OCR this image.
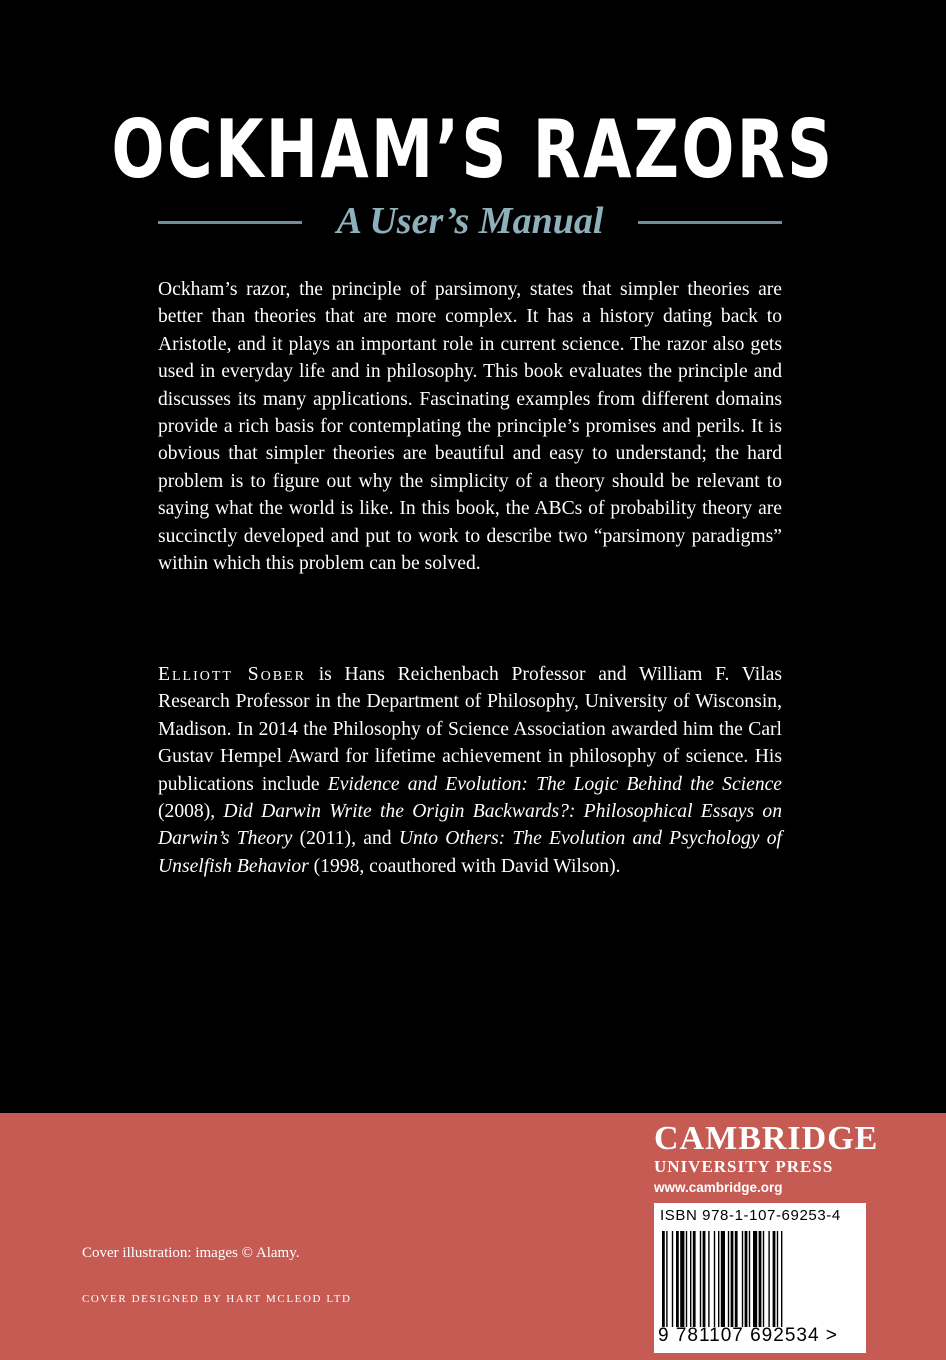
OCKHAM’S RAZORS
A User’s Manual

Ockham’s razor, the principle of parsimony, states that simpler theories are better than theories that are more complex. It has a history dating back to Aristotle, and it plays an important role in current science. The razor also gets used in everyday life and in philosophy. This book evaluates the principle and discusses its many applications. Fascinating examples from different domains provide a rich basis for contemplating the principle’s promises and perils. It is obvious that simpler theories are beautiful and easy to understand; the hard problem is to figure out why the simplicity of a theory should be relevant to saying what the world is like. In this book, the ABCs of probability theory are succinctly developed and put to work to describe two “parsimony paradigms” within which this problem can be solved.

Elliott Sober is Hans Reichenbach Professor and William F. Vilas Research Professor in the Department of Philosophy, University of Wisconsin, Madison. In 2014 the Philosophy of Science Association awarded him the Carl Gustav Hempel Award for lifetime achievement in philosophy of science. His publications include Evidence and Evolution: The Logic Behind the Science (2008), Did Darwin Write the Origin Backwards?: Philosophical Essays on Darwin’s Theory (2011), and Unto Others: The Evolution and Psychology of Unselfish Behavior (1998, coauthored with David Wilson).

Cover illustration: images © Alamy.
COVER DESIGNED BY HART MCLEOD LTD
CAMBRIDGE
UNIVERSITY PRESS
www.cambridge.org
ISBN 978-1-107-69253-4
9 781107 692534 >
